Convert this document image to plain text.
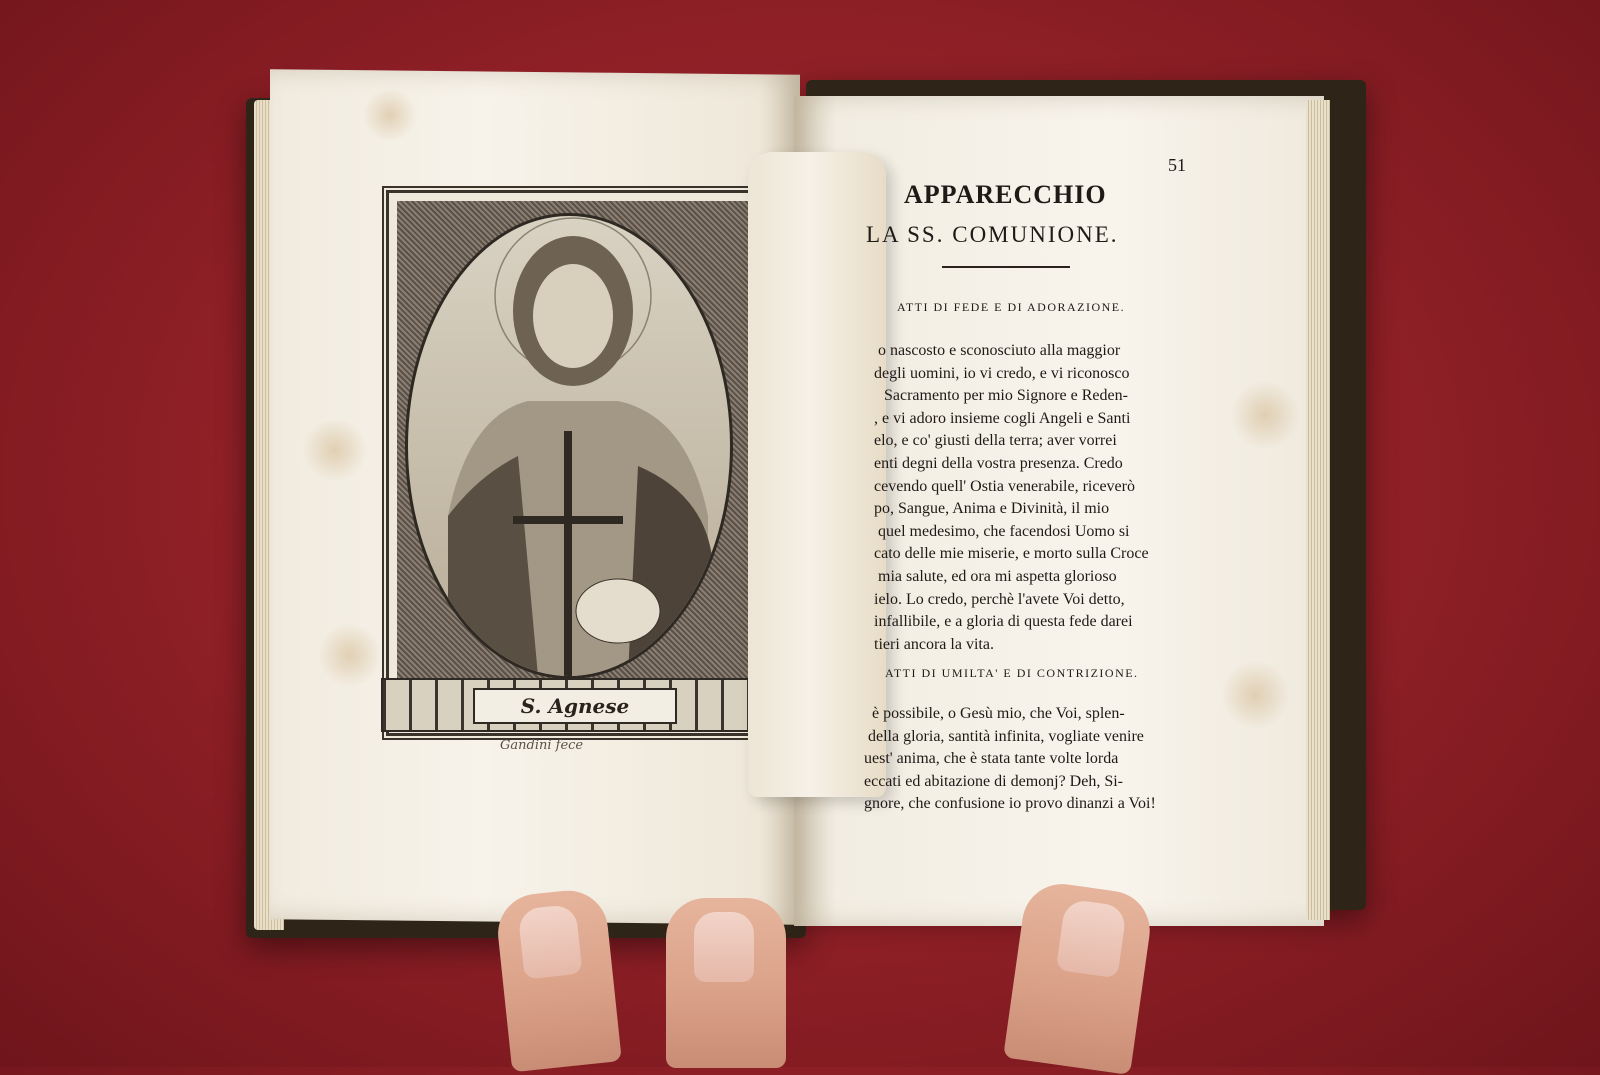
S. Agnese
Gandini fece
51
APPARECCHIO
LA SS. COMUNIONE.
ATTI DI FEDE E DI ADORAZIONE.
o nascosto e sconosciuto alla maggior
degli uomini, io vi credo, e vi riconosco
Sacramento per mio Signore e Reden-
, e vi adoro insieme cogli Angeli e Santi
elo, e co' giusti della terra; aver vorrei
enti degni della vostra presenza. Credo
cevendo quell' Ostia venerabile, riceverò
po, Sangue, Anima e Divinità, il mio
quel medesimo, che facendosi Uomo si
cato delle mie miserie, e morto sulla Croce
mia salute, ed ora mi aspetta glorioso
ielo. Lo credo, perchè l'avete Voi detto,
infallibile, e a gloria di questa fede darei
tieri ancora la vita.
ATTI DI UMILTA' E DI CONTRIZIONE.
è possibile, o Gesù mio, che Voi, splen-
della gloria, santità infinita, vogliate venire
uest' anima, che è stata tante volte lorda
eccati ed abitazione di demonj? Deh, Si-
gnore, che confusione io provo dinanzi a Voi!
